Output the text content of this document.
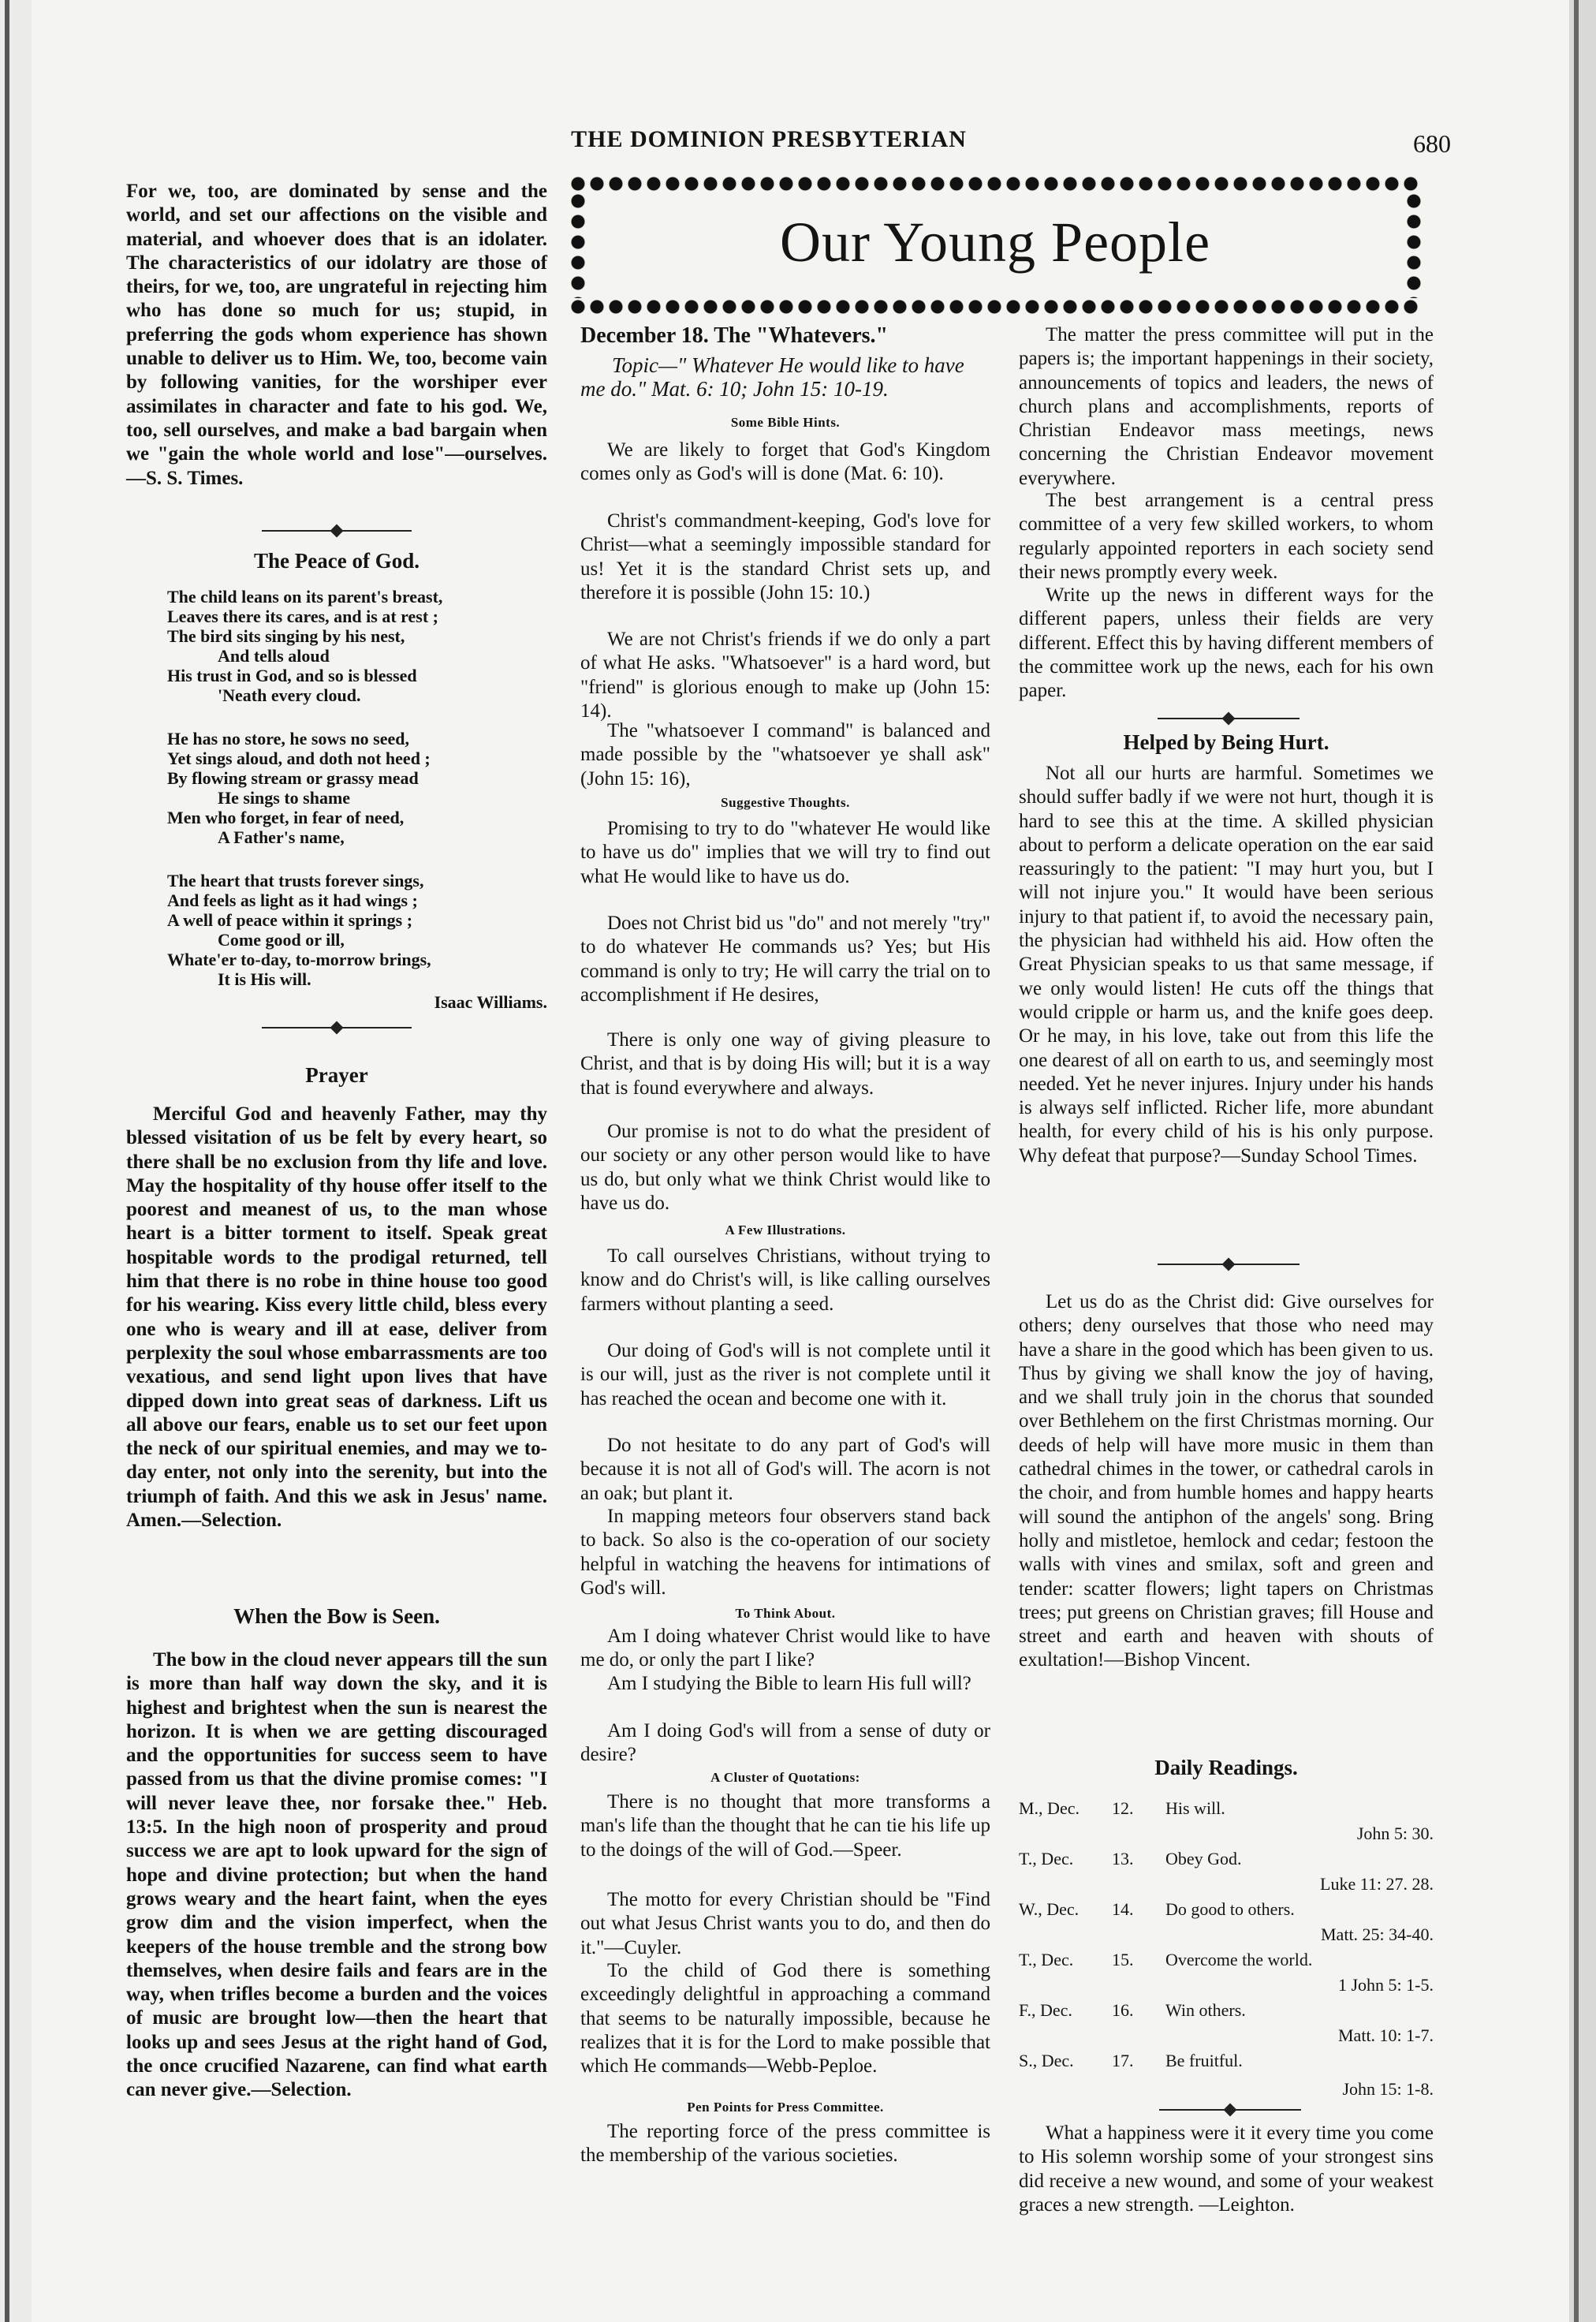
THE DOMINION PRESBYTERIAN	680
Our Young People

For we, too, are dominated by sense and the world, and set our affections on the visible and material, and whoever does that is an idolater. The characteristics of our idolatry are those of theirs, for we, too, are ungrateful in rejecting him who has done so much for us; stupid, in preferring the gods whom experience has shown unable to deliver us to Him. We, too, become vain by following vanities, for the worshiper ever assimilates in character and fate to his god. We, too, sell ourselves, and make a bad bargain when we "gain the whole world and lose"—ourselves. —S. S. Times.

The Peace of God.

The child leans on its parent's breast,
Leaves there its cares, and is at rest ;
The bird sits singing by his nest,
And tells aloud
His trust in God, and so is blessed
'Neath every cloud.
He has no store, he sows no seed,
Yet sings aloud, and doth not heed ;
By flowing stream or grassy mead
He sings to shame
Men who forget, in fear of need,
A Father's name,
The heart that trusts forever sings,
And feels as light as it had wings ;
A well of peace within it springs ;
Come good or ill,
Whate'er to-day, to-morrow brings,
It is His will.
Isaac Williams.

Prayer

Merciful God and heavenly Father, may thy blessed visitation of us be felt by every heart, so there shall be no exclusion from thy life and love. May the hospitality of thy house offer itself to the poorest and meanest of us, to the man whose heart is a bitter torment to itself. Speak great hospitable words to the prodigal returned, tell him that there is no robe in thine house too good for his wearing. Kiss every little child, bless every one who is weary and ill at ease, deliver from perplexity the soul whose embarrassments are too vexatious, and send light upon lives that have dipped down into great seas of darkness. Lift us all above our fears, enable us to set our feet upon the neck of our spiritual enemies, and may we to-day enter, not only into the serenity, but into the triumph of faith. And this we ask in Jesus' name. Amen.—Selection.

When the Bow is Seen.

The bow in the cloud never appears till the sun is more than half way down the sky, and it is highest and brightest when the sun is nearest the horizon. It is when we are getting discouraged and the opportunities for success seem to have passed from us that the divine promise comes: "I will never leave thee, nor forsake thee." Heb. 13:5. In the high noon of prosperity and proud success we are apt to look upward for the sign of hope and divine protection; but when the hand grows weary and the heart faint, when the eyes grow dim and the vision imperfect, when the keepers of the house tremble and the strong bow themselves, when desire fails and fears are in the way, when trifles become a burden and the voices of music are brought low—then the heart that looks up and sees Jesus at the right hand of God, the once crucified Nazarene, can find what earth can never give.—Selection.

December 18. The "Whatevers."

Topic—" Whatever He would like to have me do." Mat. 6: 10; John 15: 10-19.

Some Bible Hints.

We are likely to forget that God's Kingdom comes only as God's will is done (Mat. 6: 10).

Christ's commandment-keeping, God's love for Christ—what a seemingly impossible standard for us! Yet it is the standard Christ sets up, and therefore it is possible (John 15: 10.)

We are not Christ's friends if we do only a part of what He asks. "Whatsoever" is a hard word, but "friend" is glorious enough to make up (John 15: 14).

The "whatsoever I command" is balanced and made possible by the "whatsoever ye shall ask" (John 15: 16),

Suggestive Thoughts.

Promising to try to do "whatever He would like to have us do" implies that we will try to find out what He would like to have us do.

Does not Christ bid us "do" and not merely "try" to do whatever He commands us? Yes; but His command is only to try; He will carry the trial on to accomplishment if He desires,

There is only one way of giving pleasure to Christ, and that is by doing His will; but it is a way that is found everywhere and always.

Our promise is not to do what the president of our society or any other person would like to have us do, but only what we think Christ would like to have us do.

A Few Illustrations.

To call ourselves Christians, without trying to know and do Christ's will, is like calling ourselves farmers without planting a seed.

Our doing of God's will is not complete until it is our will, just as the river is not complete until it has reached the ocean and become one with it.

Do not hesitate to do any part of God's will because it is not all of God's will. The acorn is not an oak; but plant it.

In mapping meteors four observers stand back to back. So also is the co-operation of our society helpful in watching the heavens for intimations of God's will.

To Think About.

Am I doing whatever Christ would like to have me do, or only the part I like?

Am I studying the Bible to learn His full will?

Am I doing God's will from a sense of duty or desire?

A Cluster of Quotations:

There is no thought that more transforms a man's life than the thought that he can tie his life up to the doings of the will of God.—Speer.

The motto for every Christian should be "Find out what Jesus Christ wants you to do, and then do it."—Cuyler.

To the child of God there is something exceedingly delightful in approaching a command that seems to be naturally impossible, because he realizes that it is for the Lord to make possible that which He commands—Webb-Peploe.

Pen Points for Press Committee.

The reporting force of the press committee is the membership of the various societies.

The matter the press committee will put in the papers is; the important happenings in their society, announcements of topics and leaders, the news of church plans and accomplishments, reports of Christian Endeavor mass meetings, news concerning the Christian Endeavor movement everywhere.

The best arrangement is a central press committee of a very few skilled workers, to whom regularly appointed reporters in each society send their news promptly every week.

Write up the news in different ways for the different papers, unless their fields are very different. Effect this by having different members of the committee work up the news, each for his own paper.

Helped by Being Hurt.

Not all our hurts are harmful. Sometimes we should suffer badly if we were not hurt, though it is hard to see this at the time. A skilled physician about to perform a delicate operation on the ear said reassuringly to the patient: "I may hurt you, but I will not injure you." It would have been serious injury to that patient if, to avoid the necessary pain, the physician had withheld his aid. How often the Great Physician speaks to us that same message, if we only would listen! He cuts off the things that would cripple or harm us, and the knife goes deep. Or he may, in his love, take out from this life the one dearest of all on earth to us, and seemingly most needed. Yet he never injures. Injury under his hands is always self inflicted. Richer life, more abundant health, for every child of his is his only purpose. Why defeat that purpose?—Sunday School Times.

Let us do as the Christ did: Give ourselves for others; deny ourselves that those who need may have a share in the good which has been given to us. Thus by giving we shall know the joy of having, and we shall truly join in the chorus that sounded over Bethlehem on the first Christmas morning. Our deeds of help will have more music in them than cathedral chimes in the tower, or cathedral carols in the choir, and from humble homes and happy hearts will sound the antiphon of the angels' song. Bring holly and mistletoe, hemlock and cedar; festoon the walls with vines and smilax, soft and green and tender: scatter flowers; light tapers on Christmas trees; put greens on Christian graves; fill House and street and earth and heaven with shouts of exultation!—Bishop Vincent.

Daily Readings.

M., Dec. 12. His will.
T., Dec. 13. Obey God.
John 5: 30.
W., Dec. 14. Do good to others.
Luke 11: 27. 28.
T., Dec. 15. Overcome the world.
Matt. 25: 34-40.
F., Dec. 16. Win others.
1 John 5: 1-5.
S., Dec. 17. Be fruitful.
Matt. 10: 1-7.
John 15: 1-8.

What a happiness were it it every time you come to His solemn worship some of your strongest sins did receive a new wound, and some of your weakest graces a new strength. —Leighton.
